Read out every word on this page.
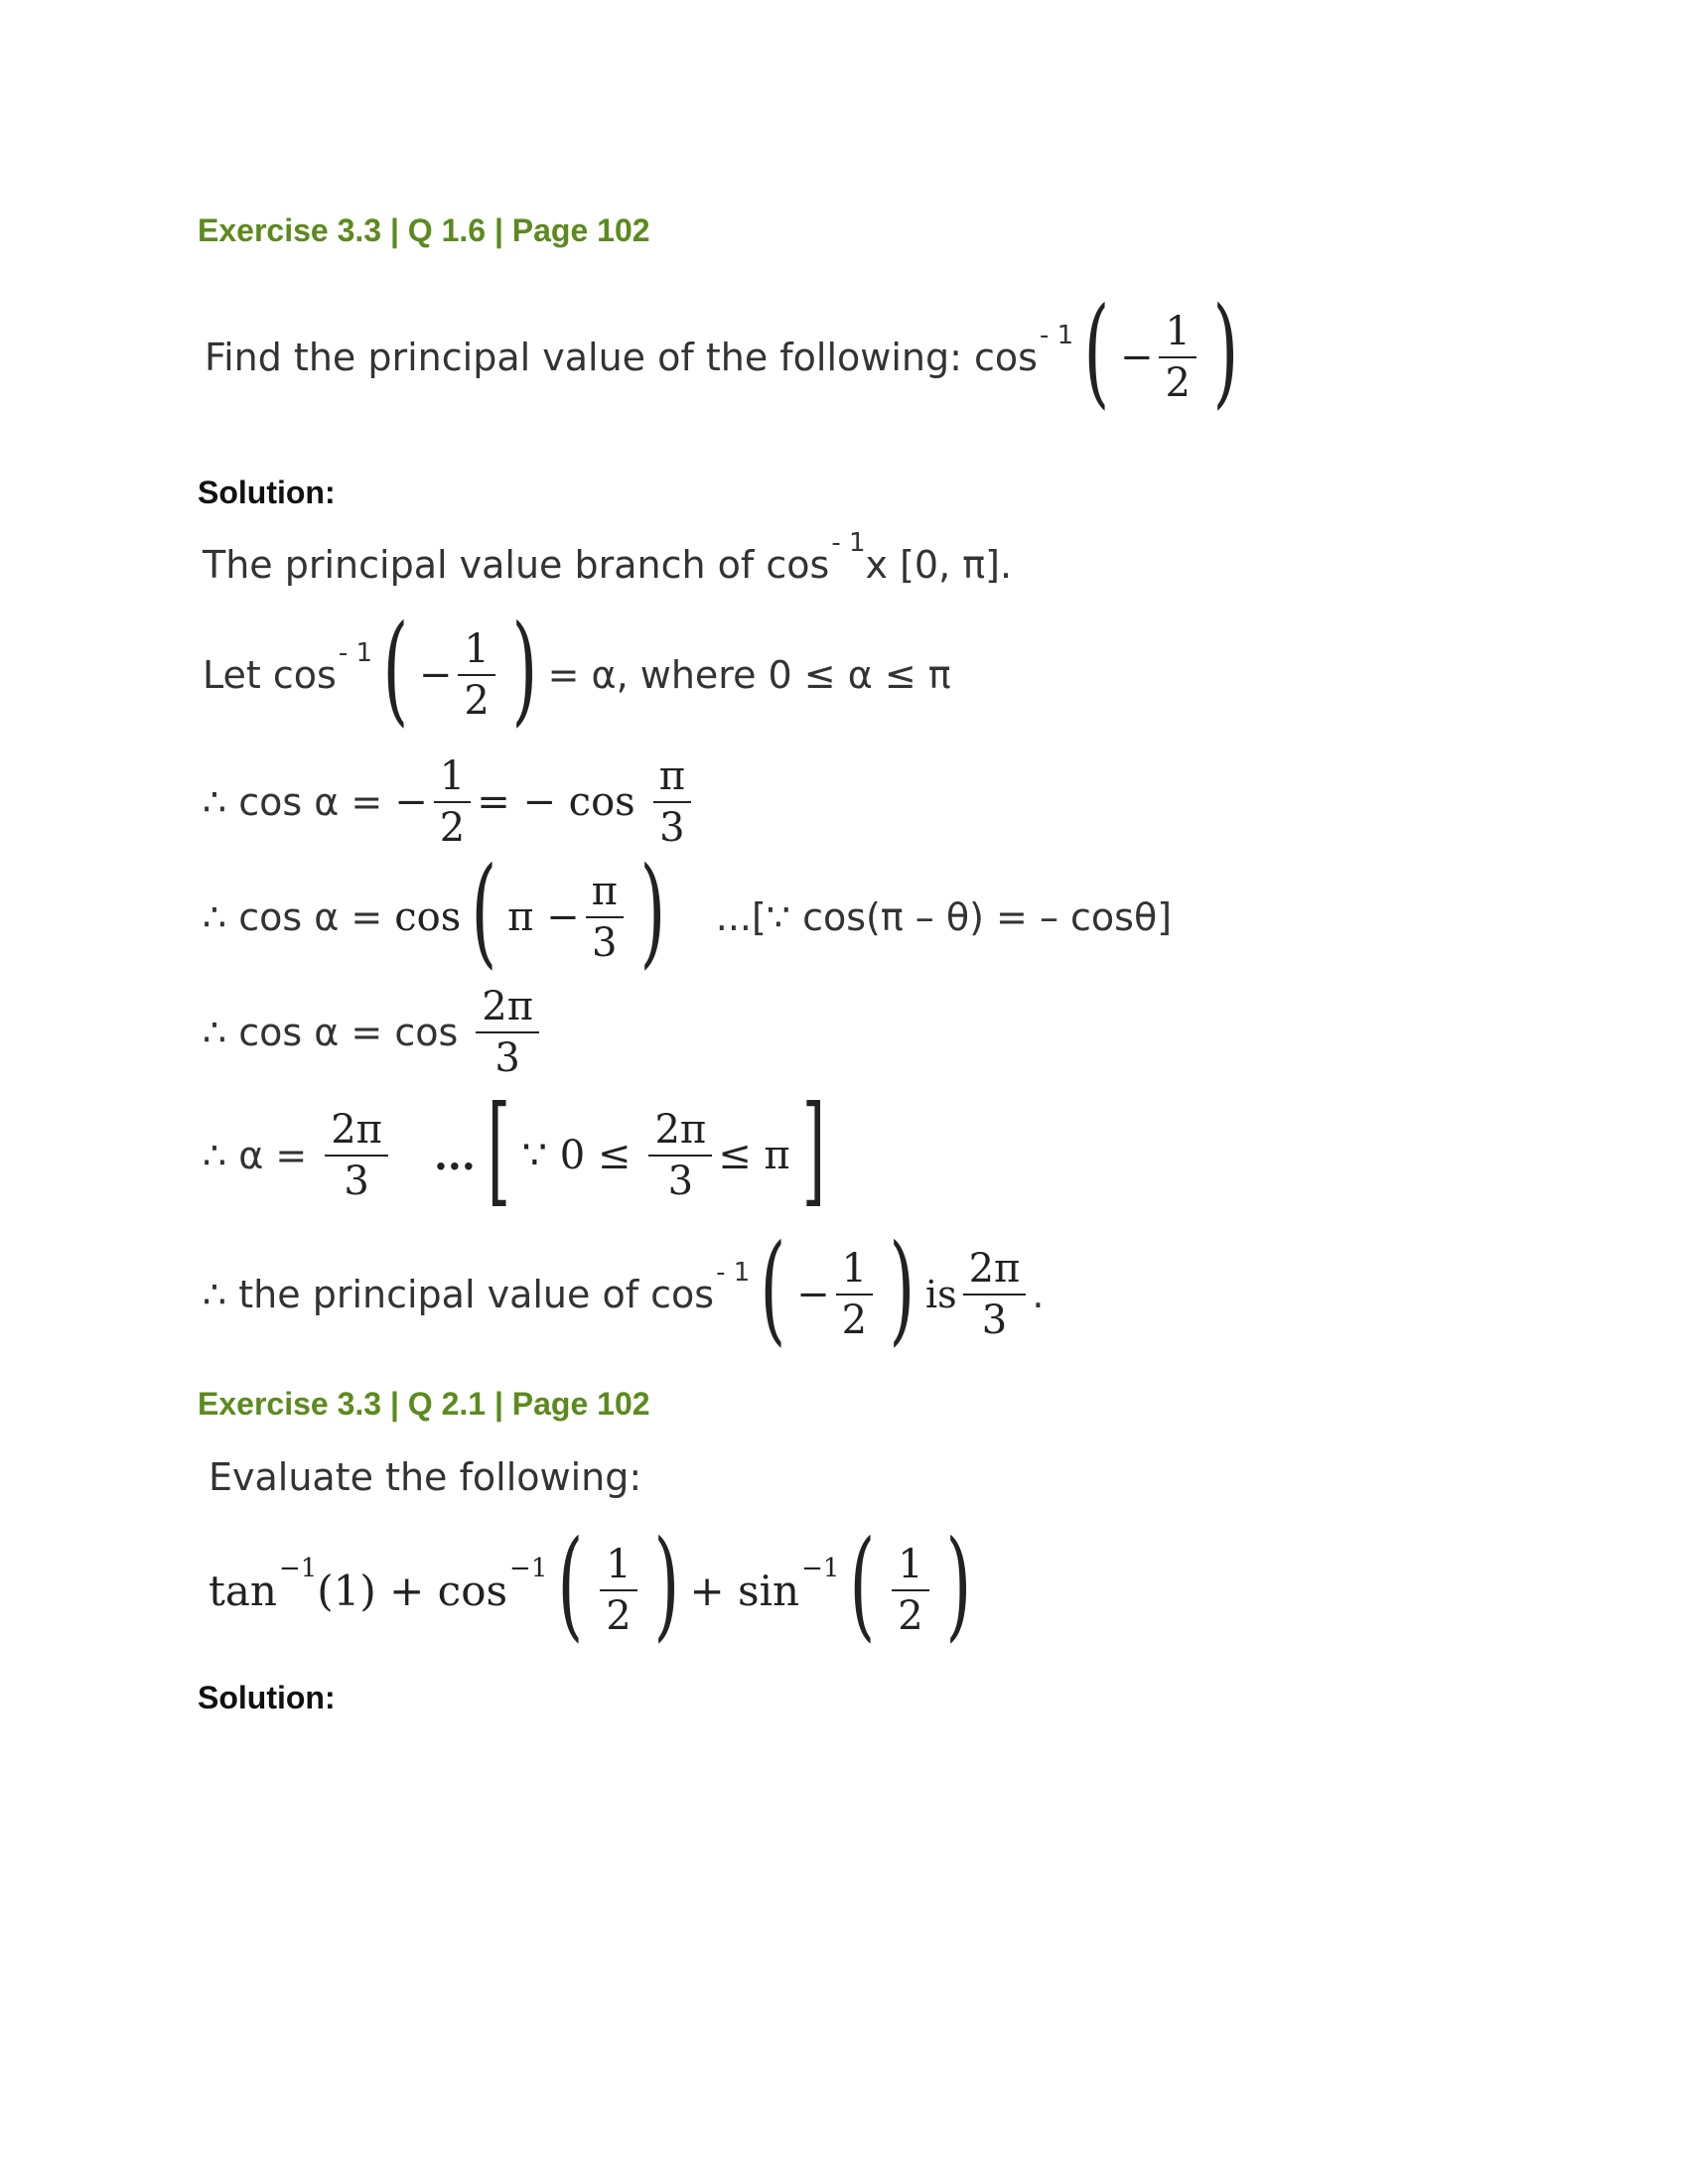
Exercise 3.3 | Q 1.6 | Page 102
Find the principal value of the following: cos - 1 ( − $\frac{1}{2}$ )
Solution:
The principal value branch of cos - 1 x [0, π].
Let cos - 1 ( − $\frac{1}{2}$ ) = α, where 0 ≤ α ≤ π
∴ cos α = − $\frac{1}{2}$ = − $\cos \frac{\pi}{3}$
∴ cos α = cos ( $\pi - \frac{\pi}{3}$ ) ...[∵ cos(π – θ) = – cosθ]
∴ $\cos \alpha = \cos \frac{2\pi}{3}$
∴ $\alpha = \frac{2\pi}{3}$ ... [ ∵ $0 \le \frac{2\pi}{3} \le \pi$ ]
∴ the principal value of cos - 1 ( − $\frac{1}{2}$ ) is $\frac{2\pi}{3}$ .
Exercise 3.3 | Q 2.1 | Page 102
Evaluate the following:
tan −1 (1) + cos −1 ( $\frac{1}{2}$ ) + sin −1 ( $\frac{1}{2}$ )
Solution:
